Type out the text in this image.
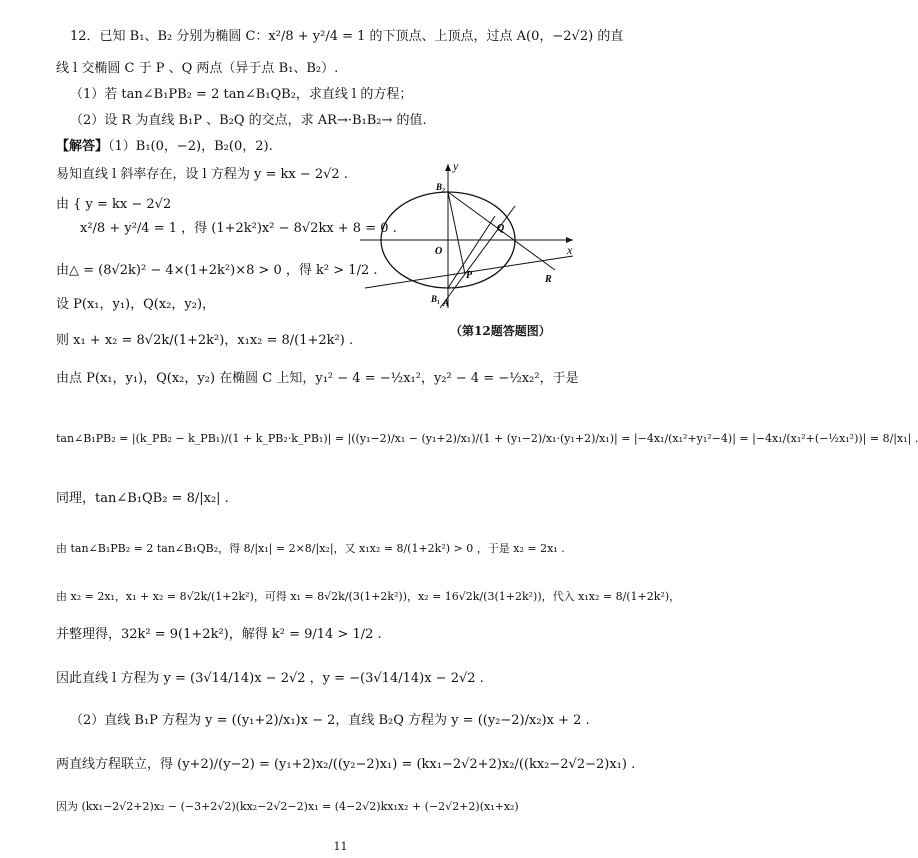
12．已知 B₁、B₂ 分别为椭圆 C：x²/8 + y²/4 = 1 的下顶点、上顶点，过点 A(0，−2√2) 的直
线 l 交椭圆 C 于 P 、Q 两点（异于点 B₁、B₂）.
（1）若 tan∠B₁PB₂ = 2 tan∠B₁QB₂，求直线 l 的方程；
（2）设 R 为直线 B₁P 、B₂Q 的交点，求 AR→·B₁B₂→ 的值.
【解答】（1）B₁(0，−2)，B₂(0，2).
易知直线 l 斜率存在，设 l 方程为 y = kx − 2√2 .
由 { y = kx − 2√2
x²/8 + y²/4 = 1 ，得 (1+2k²)x² − 8√2kx + 8 = 0 .
由△ = (8√2k)² − 4×(1+2k²)×8 > 0 ，得 k² > 1/2 .
设 P(x₁，y₁)，Q(x₂，y₂)，
则 x₁ + x₂ = 8√2k/(1+2k²)，x₁x₂ = 8/(1+2k²) .
由点 P(x₁，y₁)，Q(x₂，y₂) 在椭圆 C 上知，y₁² − 4 = −½x₁²，y₂² − 4 = −½x₂²，于是
tan∠B₁PB₂ = |(k_PB₂ − k_PB₁)/(1 + k_PB₂·k_PB₁)| = |((y₁−2)/x₁ − (y₁+2)/x₁)/(1 + (y₁−2)/x₁·(y₁+2)/x₁)| = |−4x₁/(x₁²+y₁²−4)| = |−4x₁/(x₁²+(−½x₁²))| = 8/|x₁| .
同理，tan∠B₁QB₂ = 8/|x₂| .
由 tan∠B₁PB₂ = 2 tan∠B₁QB₂，得 8/|x₁| = 2×8/|x₂|，又 x₁x₂ = 8/(1+2k²) > 0 ，于是 x₂ = 2x₁ .
由 x₂ = 2x₁，x₁ + x₂ = 8√2k/(1+2k²)，可得 x₁ = 8√2k/(3(1+2k²))，x₂ = 16√2k/(3(1+2k²))，代入 x₁x₂ = 8/(1+2k²)，
并整理得，32k² = 9(1+2k²)，解得 k² = 9/14 > 1/2 .
因此直线 l 方程为 y = (3√14/14)x − 2√2 ，y = −(3√14/14)x − 2√2 .
（2）直线 B₁P 方程为 y = ((y₁+2)/x₁)x − 2，直线 B₂Q 方程为 y = ((y₂−2)/x₂)x + 2 .
两直线方程联立，得 (y+2)/(y−2) = (y₁+2)x₂/((y₂−2)x₁) = (kx₁−2√2+2)x₂/((kx₂−2√2−2)x₁) .
因为 (kx₁−2√2+2)x₂ − (−3+2√2)(kx₂−2√2−2)x₁ = (4−2√2)kx₁x₂ + (−2√2+2)(x₁+x₂)
y
x
O
B₂
B₁
Q
P	R
A
（第12题答题图）
11
